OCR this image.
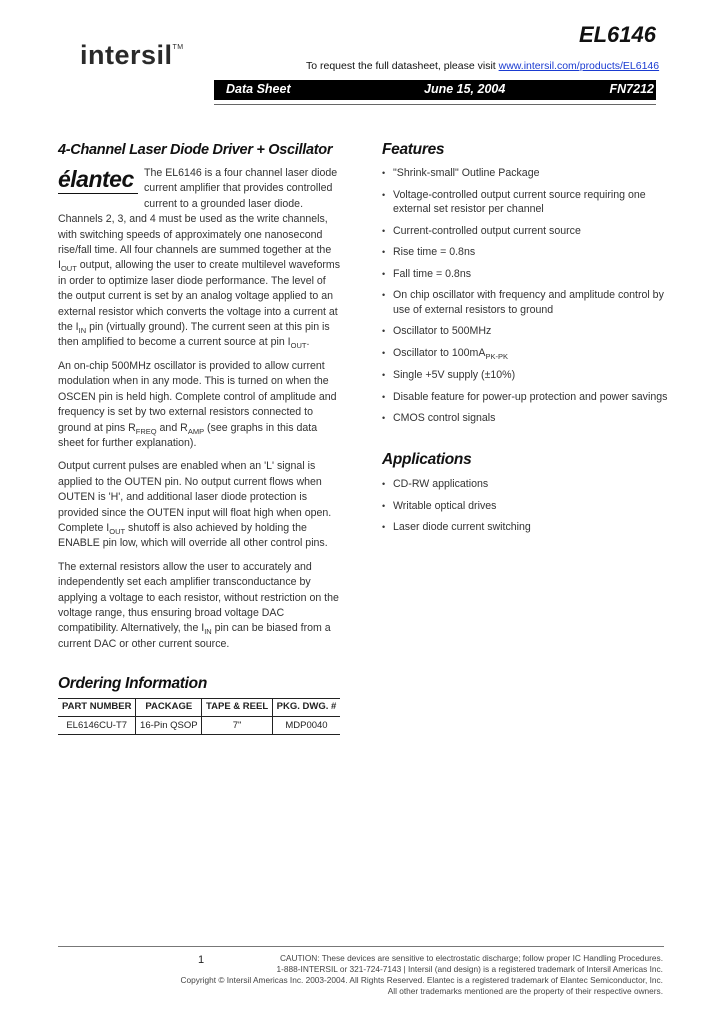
intersil™
EL6146
To request the full datasheet, please visit www.intersil.com/products/EL6146
Data Sheet	June 15, 2004	FN7212
4-Channel Laser Diode Driver + Oscillator
élantec The EL6146 is a four channel laser diode current amplifier that provides controlled current to a grounded laser diode. Channels 2, 3, and 4 must be used as the write channels, with switching speeds of approximately one nanosecond rise/fall time. All four channels are summed together at the $I_{OUT}$ output, allowing the user to create multilevel waveforms in order to optimize laser diode performance. The level of the output current is set by an analog voltage applied to an external resistor which converts the voltage into a current at the $I_{IN}$ pin (virtually ground). The current seen at this pin is then amplified to become a current source at pin $I_{OUT}$.

An on-chip 500MHz oscillator is provided to allow current modulation when in any mode. This is turned on when the OSCEN pin is held high. Complete control of amplitude and frequency is set by two external resistors connected to ground at pins $R_{FREQ}$ and $R_{AMP}$ (see graphs in this data sheet for further explanation).

Output current pulses are enabled when an 'L' signal is applied to the OUTEN pin. No output current flows when OUTEN is 'H', and additional laser diode protection is provided since the OUTEN input will float high when open. Complete $I_{OUT}$ shutoff is also achieved by holding the ENABLE pin low, which will override all other control pins.

The external resistors allow the user to accurately and independently set each amplifier transconductance by applying a voltage to each resistor, without restriction on the voltage range, thus ensuring broad voltage DAC compatibility. Alternatively, the $I_{IN}$ pin can be biased from a current DAC or other current source.

Ordering Information
PART NUMBER	PACKAGE	TAPE & REEL	PKG. DWG. #
EL6146CU-T7	16-Pin QSOP	7"	MDP0040
Features
• "Shrink-small" Outline Package
• Voltage-controlled output current source requiring one external set resistor per channel
• Current-controlled output current source
• Rise time = 0.8ns
• Fall time = 0.8ns
• On chip oscillator with frequency and amplitude control by use of external resistors to ground
• Oscillator to 500MHz
• Oscillator to $100mA_{PK-PK}$
• Single +5V supply (±10%)
• Disable feature for power-up protection and power savings
• CMOS control signals
Applications
• CD-RW applications
• Writable optical drives
• Laser diode current switching
1	CAUTION: These devices are sensitive to electrostatic discharge; follow proper IC Handling Procedures.
1-888-INTERSIL or 321-724-7143 | Intersil (and design) is a registered trademark of Intersil Americas Inc.
Copyright © Intersil Americas Inc. 2003-2004. All Rights Reserved. Elantec is a registered trademark of Elantec Semiconductor, Inc.
All other trademarks mentioned are the property of their respective owners.
